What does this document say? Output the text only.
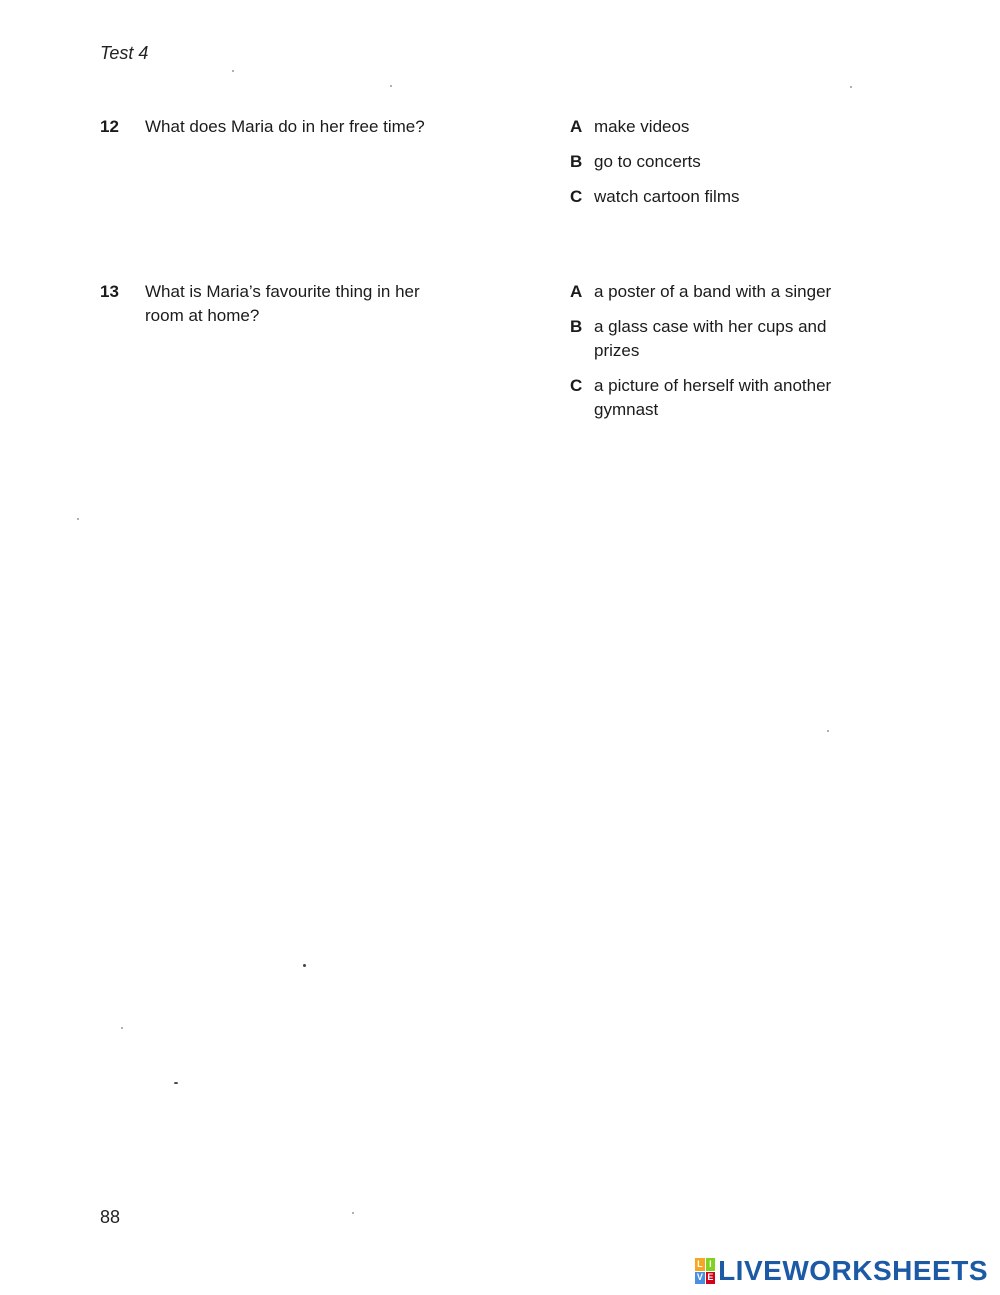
Test 4
12 What does Maria do in her free time?	A make videos
B go to concerts
C watch cartoon films
13 What is Maria’s favourite thing in her room at home?
A a poster of a band with a singer
B a glass case with her cups and prizes
C a picture of herself with another gymnast
88
L I
V E LIVEWORKSHEETS
